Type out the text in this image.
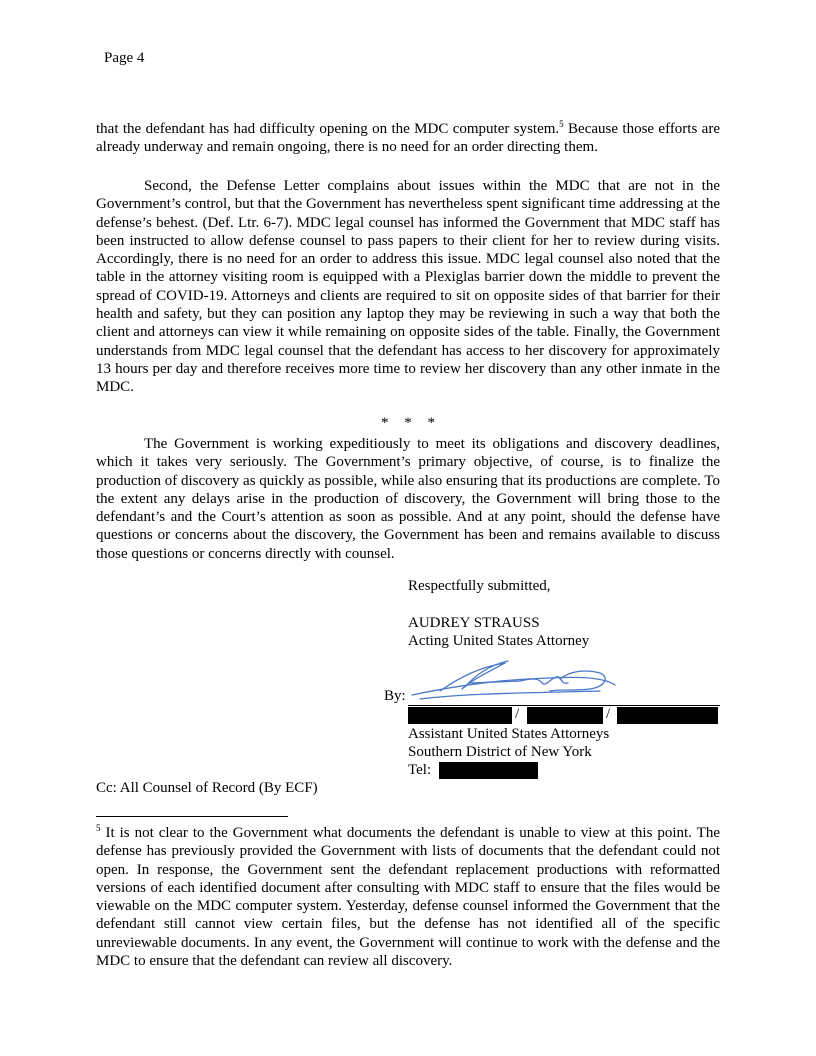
Page 4

that the defendant has had difficulty opening on the MDC computer system.$^5$ Because those efforts are already underway and remain ongoing, there is no need for an order directing them.

Second, the Defense Letter complains about issues within the MDC that are not in the Government’s control, but that the Government has nevertheless spent significant time addressing at the defense’s behest. (Def. Ltr. 6-7). MDC legal counsel has informed the Government that MDC staff has been instructed to allow defense counsel to pass papers to their client for her to review during visits. Accordingly, there is no need for an order to address this issue. MDC legal counsel also noted that the table in the attorney visiting room is equipped with a Plexiglas barrier down the middle to prevent the spread of COVID-19. Attorneys and clients are required to sit on opposite sides of that barrier for their health and safety, but they can position any laptop they may be reviewing in such a way that both the client and attorneys can view it while remaining on opposite sides of the table. Finally, the Government understands from MDC legal counsel that the defendant has access to her discovery for approximately 13 hours per day and therefore receives more time to review her discovery than any other inmate in the MDC.

* * *

The Government is working expeditiously to meet its obligations and discovery deadlines, which it takes very seriously. The Government’s primary objective, of course, is to finalize the production of discovery as quickly as possible, while also ensuring that its productions are complete. To the extent any delays arise in the production of discovery, the Government will bring those to the defendant’s and the Court’s attention as soon as possible. And at any point, should the defense have questions or concerns about the discovery, the Government has been and remains available to discuss those questions or concerns directly with counsel.

Respectfully submitted,
AUDREY STRAUSS
Acting United States Attorney
By:
/	/
Assistant United States Attorneys
Southern District of New York
Tel:
Cc: All Counsel of Record (By ECF)

$^5$ It is not clear to the Government what documents the defendant is unable to view at this point. The defense has previously provided the Government with lists of documents that the defendant could not open. In response, the Government sent the defendant replacement productions with reformatted versions of each identified document after consulting with MDC staff to ensure that the files would be viewable on the MDC computer system. Yesterday, defense counsel informed the Government that the defendant still cannot view certain files, but the defense has not identified all of the specific unreviewable documents. In any event, the Government will continue to work with the defense and the MDC to ensure that the defendant can review all discovery.
